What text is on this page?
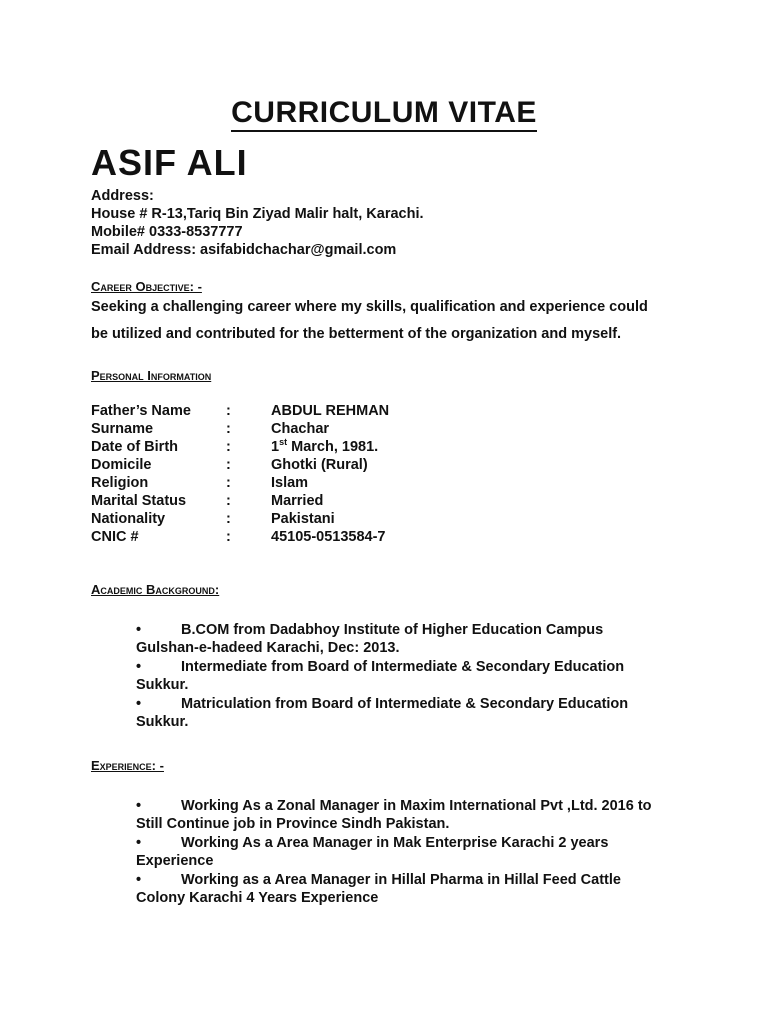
CURRICULUM VITAE
ASIF ALI
Address:
House # R-13,Tariq Bin Ziyad Malir halt, Karachi.
Mobile# 0333-8537777
Email Address: asifabidchachar@gmail.com
Career Objective: -
Seeking a challenging career where my skills, qualification and experience could
be utilized and contributed for the betterment of the organization and myself.
Personal Information
Father’s Name	:	ABDUL REHMAN
Surname	:	Chachar
Date of Birth	:	1st March, 1981.
Domicile	:	Ghotki (Rural)
Religion	:	Islam
Marital Status	:	Married
Nationality	:	Pakistani
CNIC #	:	45105-0513584-7
Academic Background:
•
B.COM from Dadabhoy Institute of Higher Education Campus
Gulshan-e-hadeed Karachi, Dec: 2013.
•
Intermediate from Board of Intermediate & Secondary Education
Sukkur.
•
Matriculation from Board of Intermediate & Secondary Education
Sukkur.
Experience: -
•
Working As a Zonal Manager in Maxim International Pvt ,Ltd. 2016 to
Still Continue job in Province Sindh Pakistan.
•
Working As a Area Manager in Mak Enterprise Karachi 2 years
Experience
•
Working as a Area Manager in Hillal Pharma in Hillal Feed Cattle
Colony Karachi 4 Years Experience
